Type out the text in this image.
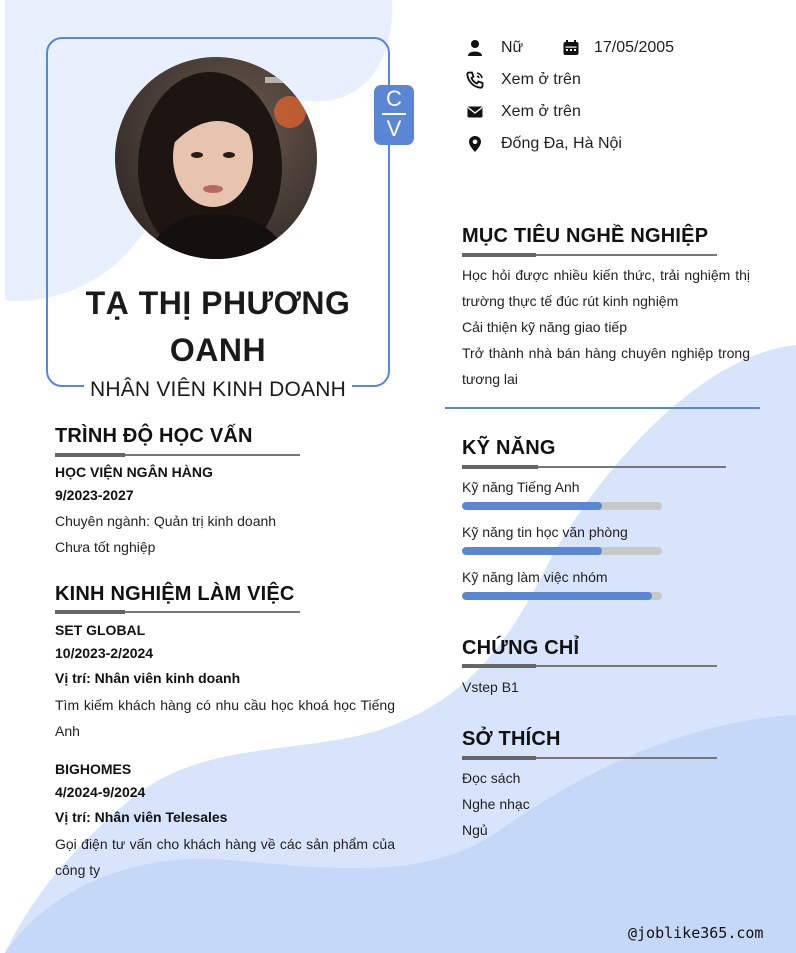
TẠ THỊ PHƯƠNG OANH
NHÂN VIÊN KINH DOANH
C
V
Nữ	17/05/2005
Xem ở trên
Xem ở trên
Đống Đa, Hà Nội
MỤC TIÊU NGHỀ NGHIỆP
Học hỏi được nhiều kiến thức, trải nghiệm thị trường thực tế đúc rút kinh nghiệm
Cải thiện kỹ năng giao tiếp
Trở thành nhà bán hàng chuyên nghiệp trong tương lai
KỸ NĂNG
Kỹ năng Tiếng Anh
Kỹ năng tin học văn phòng
Kỹ năng làm việc nhóm
CHỨNG CHỈ
Vstep B1
SỞ THÍCH
Đọc sách
Nghe nhạc
Ngủ
TRÌNH ĐỘ HỌC VẤN
HỌC VIỆN NGÂN HÀNG
9/2023-2027
Chuyên ngành: Quản trị kinh doanh
Chưa tốt nghiệp
KINH NGHIỆM LÀM VIỆC
SET GLOBAL
10/2023-2/2024
Vị trí: Nhân viên kinh doanh
Tìm kiếm khách hàng có nhu cầu học khoá học Tiếng Anh
BIGHOMES
4/2024-9/2024
Vị trí: Nhân viên Telesales
Gọi điện tư vấn cho khách hàng về các sản phẩm của công ty
@joblike365.com
